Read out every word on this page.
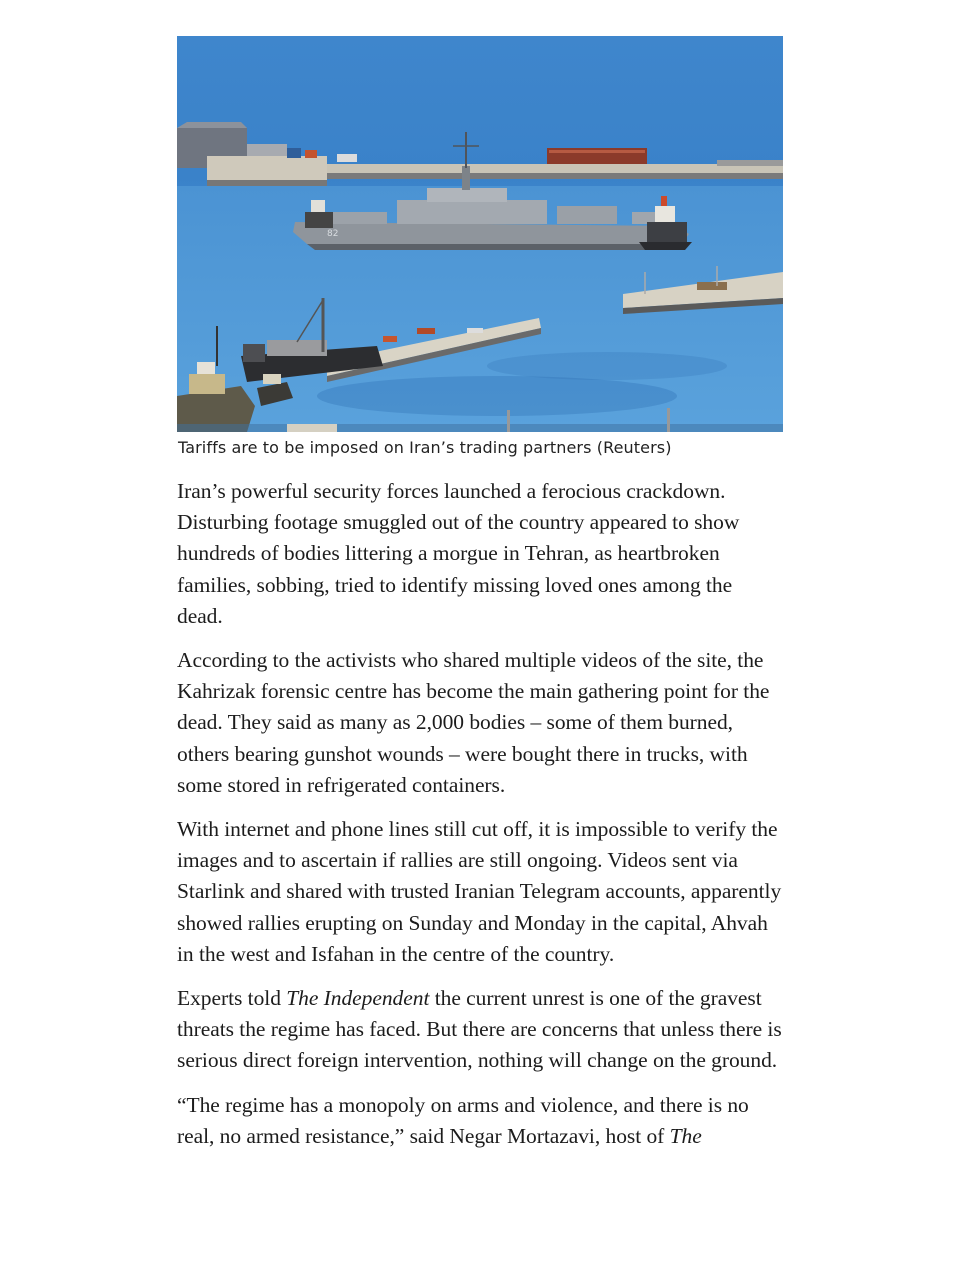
82
Tariffs are to be imposed on Iran’s trading partners (Reuters)

Iran’s powerful security forces launched a ferocious crackdown. Disturbing footage smuggled out of the country appeared to show hundreds of bodies littering a morgue in Tehran, as heartbroken families, sobbing, tried to identify missing loved ones among the dead.

According to the activists who shared multiple videos of the site, the Kahrizak forensic centre has become the main gathering point for the dead. They said as many as 2,000 bodies – some of them burned, others bearing gunshot wounds – were bought there in trucks, with some stored in refrigerated containers.

With internet and phone lines still cut off, it is impossible to verify the images and to ascertain if rallies are still ongoing. Videos sent via Starlink and shared with trusted Iranian Telegram accounts, apparently showed rallies erupting on Sunday and Monday in the capital, Ahvah in the west and Isfahan in the centre of the country.

Experts told The Independent the current unrest is one of the gravest threats the regime has faced. But there are concerns that unless there is serious direct foreign intervention, nothing will change on the ground.

“The regime has a monopoly on arms and violence, and there is no real, no armed resistance,” said Negar Mortazavi, host of The
